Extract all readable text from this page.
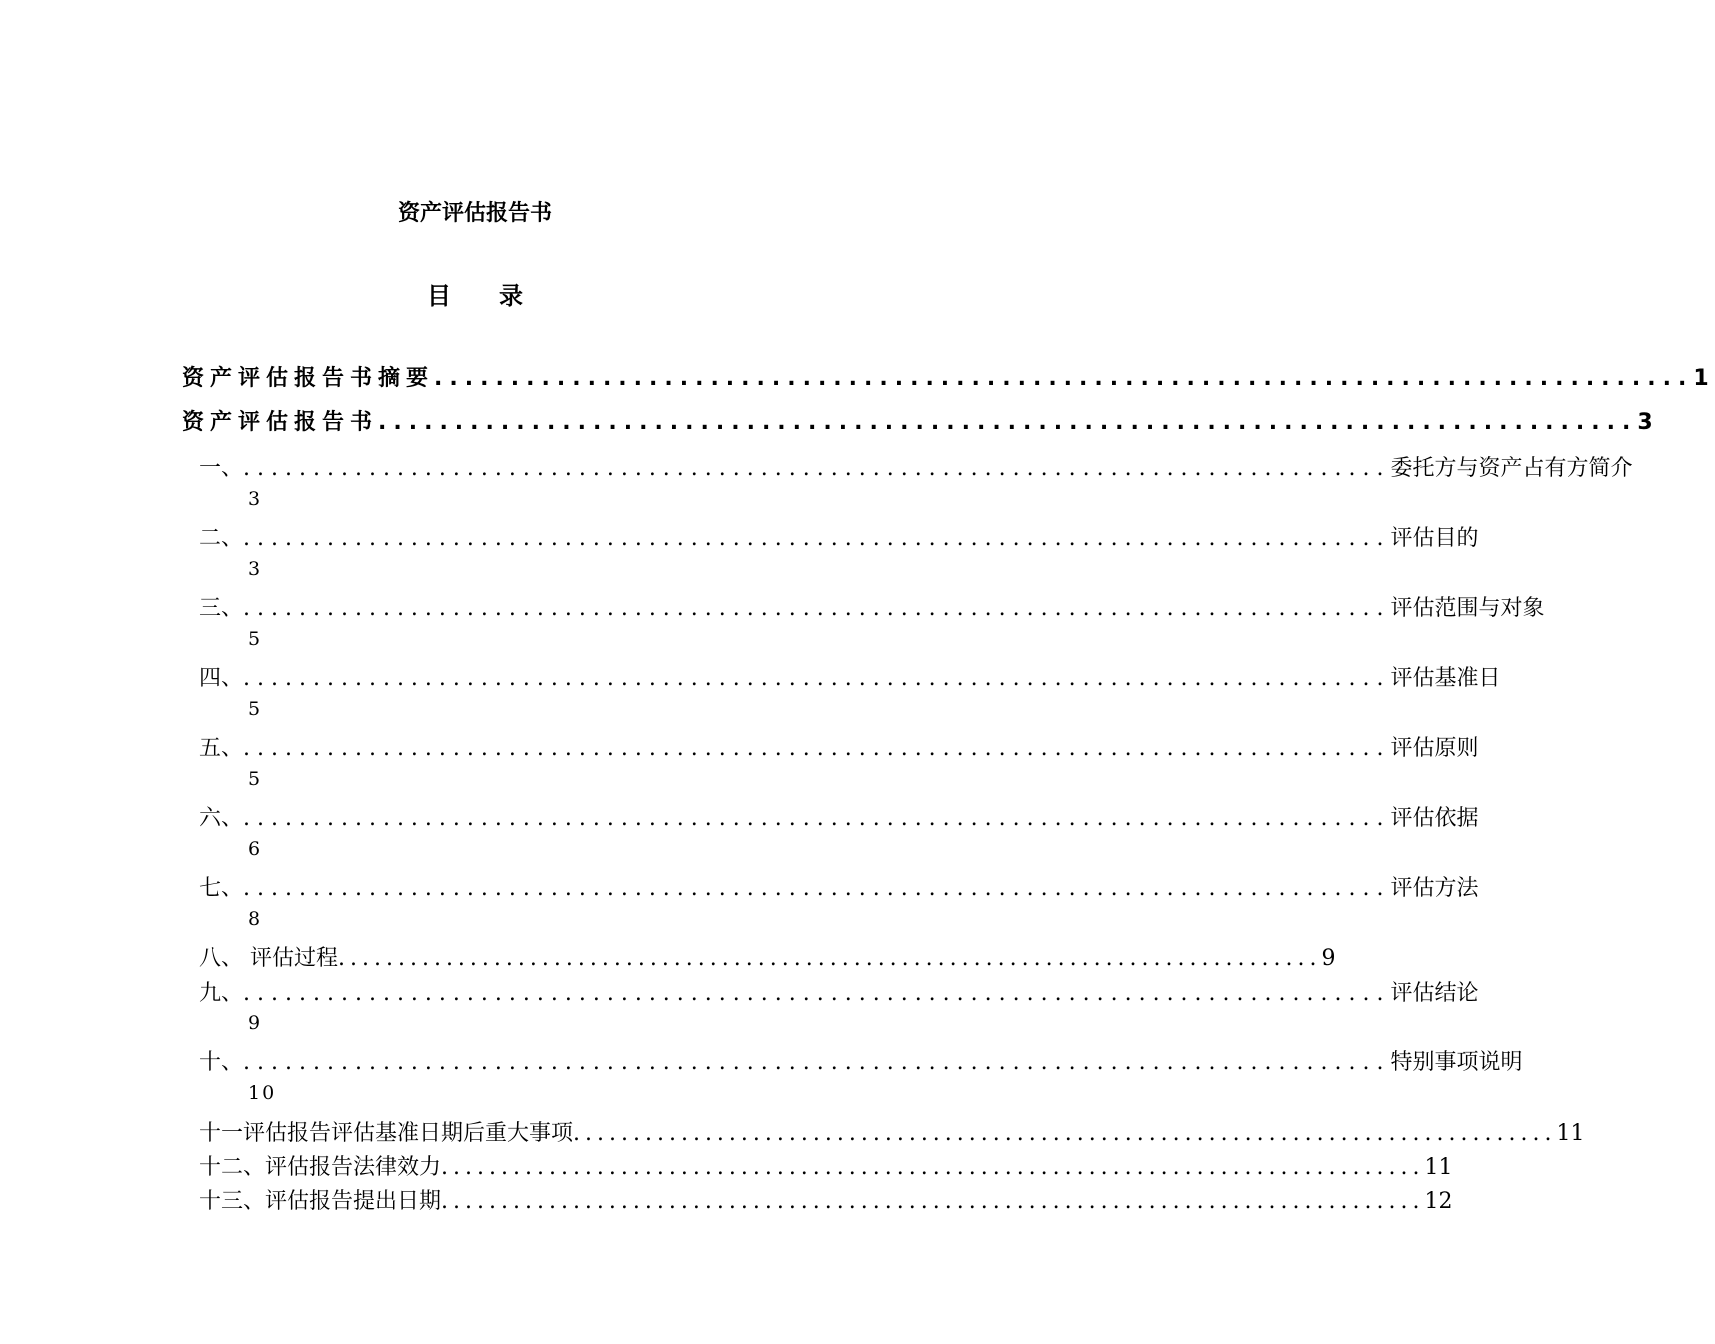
资产评估报告书
目 录
资产评估报告书摘要 .................................................................................. 1
资产评估报告书 .................................................................................. 3
一、 .................................................................................. 委托方与资产占有方简介
3
二、 .................................................................................. 评估目的
3
三、 .................................................................................. 评估范围与对象
5
四、 .................................................................................. 评估基准日
5
五、 .................................................................................. 评估原则
5
六、 .................................................................................. 评估依据
6
七、 .................................................................................. 评估方法
8
八、 评估过程 .................................................................................. 9
九、 .................................................................................. 评估结论
9
十、 .................................................................................. 特别事项说明
10
十一评估报告评估基准日期后重大事项 .................................................................................. 11
十二、评估报告法律效力 .................................................................................. 11
十三、评估报告提出日期 .................................................................................. 12
